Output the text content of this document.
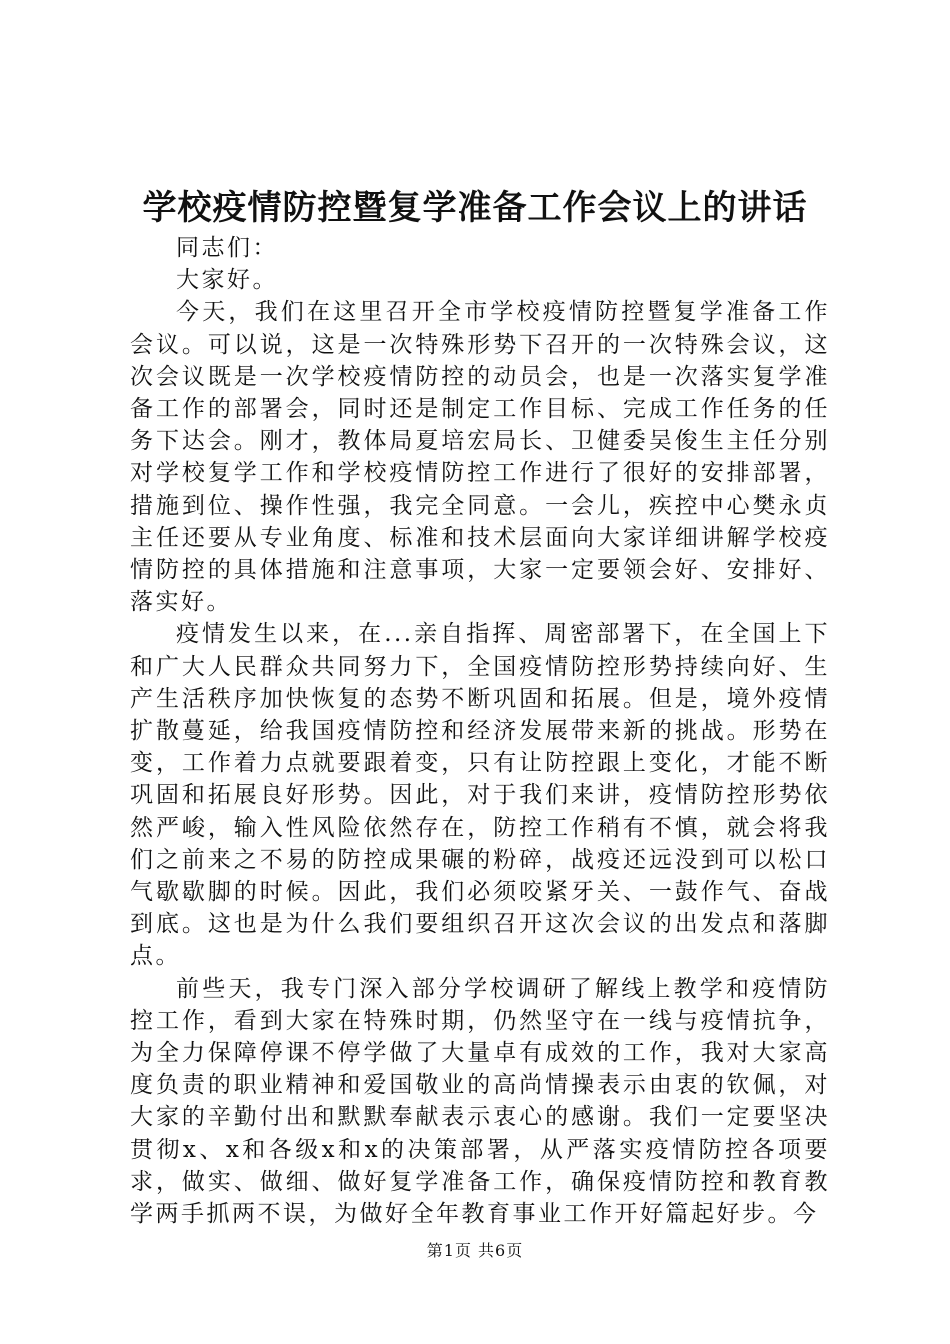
学校疫情防控暨复学准备工作会议上的讲话

同志们：

大家好。

今天，我们在这里召开全市学校疫情防控暨复学准备工作会议。可以说，这是一次特殊形势下召开的一次特殊会议，这次会议既是一次学校疫情防控的动员会，也是一次落实复学准备工作的部署会，同时还是制定工作目标、完成工作任务的任务下达会。刚才，教体局夏培宏局长、卫健委吴俊生主任分别对学校复学工作和学校疫情防控工作进行了很好的安排部署，措施到位、操作性强，我完全同意。一会儿，疾控中心樊永贞主任还要从专业角度、标准和技术层面向大家详细讲解学校疫情防控的具体措施和注意事项，大家一定要领会好、安排好、落实好。

疫情发生以来，在...亲自指挥、周密部署下，在全国上下和广大人民群众共同努力下，全国疫情防控形势持续向好、生产生活秩序加快恢复的态势不断巩固和拓展。但是，境外疫情扩散蔓延，给我国疫情防控和经济发展带来新的挑战。形势在变，工作着力点就要跟着变，只有让防控跟上变化，才能不断巩固和拓展良好形势。因此，对于我们来讲，疫情防控形势依然严峻，输入性风险依然存在，防控工作稍有不慎，就会将我们之前来之不易的防控成果碾的粉碎，战疫还远没到可以松口气歇歇脚的时候。因此，我们必须咬紧牙关、一鼓作气、奋战到底。这也是为什么我们要组织召开这次会议的出发点和落脚点。

前些天，我专门深入部分学校调研了解线上教学和疫情防控工作，看到大家在特殊时期，仍然坚守在一线与疫情抗争，为全力保障停课不停学做了大量卓有成效的工作，我对大家高度负责的职业精神和爱国敬业的高尚情操表示由衷的钦佩，对大家的辛勤付出和默默奉献表示衷心的感谢。我们一定要坚决贯彻x、x和各级x和x的决策部署，从严落实疫情防控各项要求，做实、做细、做好复学准备工作，确保疫情防控和教育教学两手抓两不误，为做好全年教育事业工作开好篇起好步。今

第1页 共6页
